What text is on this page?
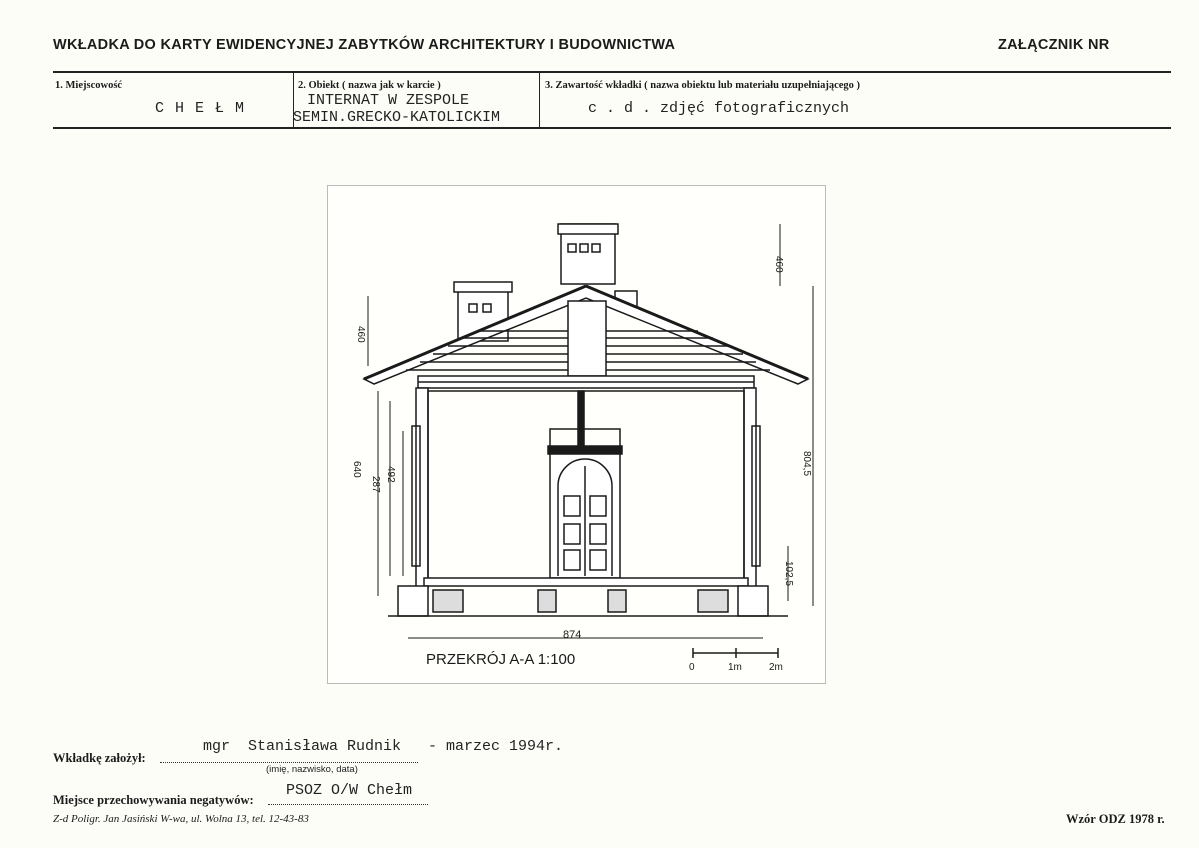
WKŁADKA DO KARTY EWIDENCYJNEJ ZABYTKÓW ARCHITEKTURY I BUDOWNICTWA	ZAŁĄCZNIK NR
1. Miejscowość
C H E Ł M
2. Obiekt ( nazwa jak w karcie )
INTERNAT W ZESPOLE
SEMIN.GRECKO-KATOLICKIM
3. Zawartość wkładki ( nazwa obiektu lub materiału uzupełniającego )
c . d . zdjęć fotograficznych
460
460
640 492
287
804,5
102,5
874
PRZEKRÓJ A-A 1:100	0	1m	2m
Wkładkę założył:
mgr  Stanisława Rudnik   - marzec 1994r.
(imię, nazwisko, data)
Miejsce przechowywania negatywów:
PSOZ O/W Chełm
Z-d Poligr. Jan Jasiński W-wa, ul. Wolna 13, tel. 12-43-83	Wzór ODZ 1978 r.
